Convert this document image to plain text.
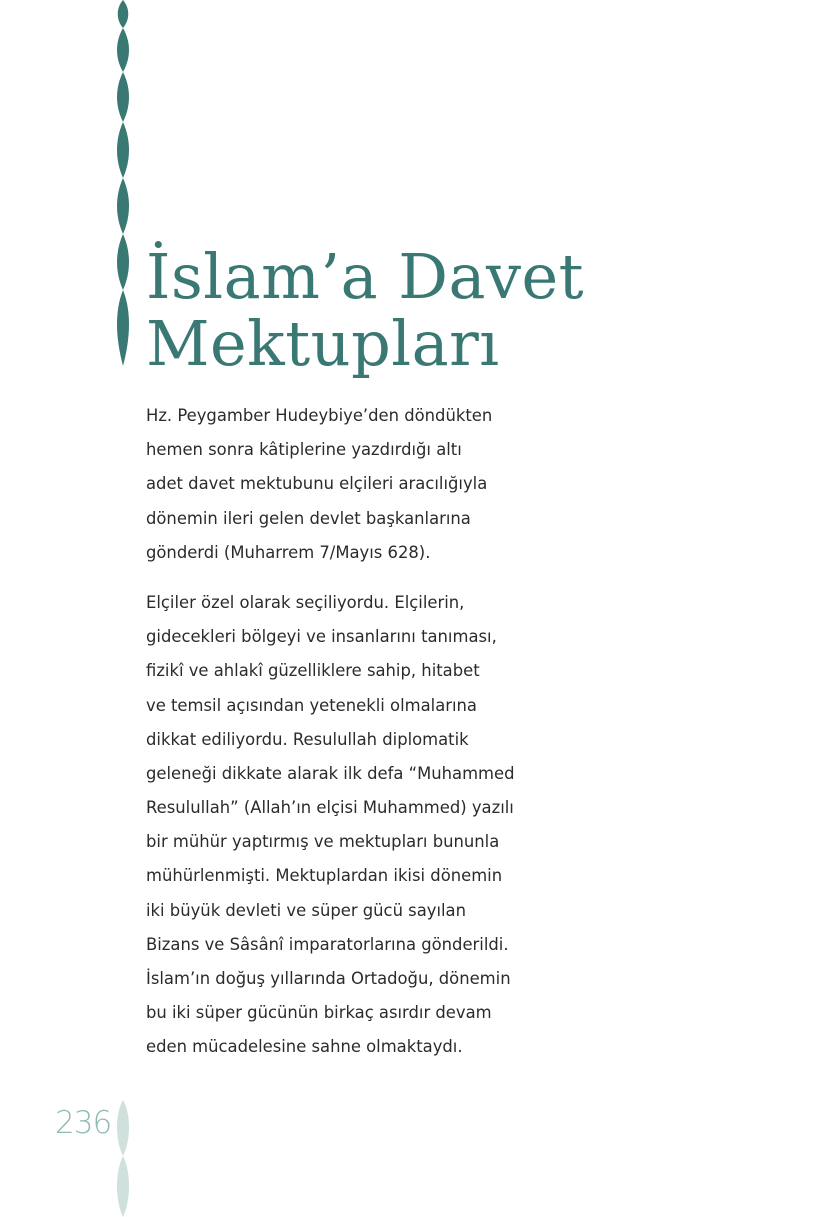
İslam’a Davet
Mektupları

Hz. Peygamber Hudeybiye’den döndükten
hemen sonra kâtiplerine yazdırdığı altı
adet davet mektubunu elçileri aracılığıyla
dönemin ileri gelen devlet başkanlarına
gönderdi (Muharrem 7/Mayıs 628).

Elçiler özel olarak seçiliyordu. Elçilerin,
gidecekleri bölgeyi ve insanlarını tanıması,
fizikî ve ahlakî güzelliklere sahip, hitabet
ve temsil açısından yetenekli olmalarına
dikkat ediliyordu. Resulullah diplomatik
geleneği dikkate alarak ilk defa “Muhammed
Resulullah” (Allah’ın elçisi Muhammed) yazılı
bir mühür yaptırmış ve mektupları bununla
mühürlenmişti. Mektuplardan ikisi dönemin
iki büyük devleti ve süper gücü sayılan
Bizans ve Sâsânî imparatorlarına gönderildi.
İslam’ın doğuş yıllarında Ortadoğu, dönemin
bu iki süper gücünün birkaç asırdır devam
eden mücadelesine sahne olmaktaydı.

236
